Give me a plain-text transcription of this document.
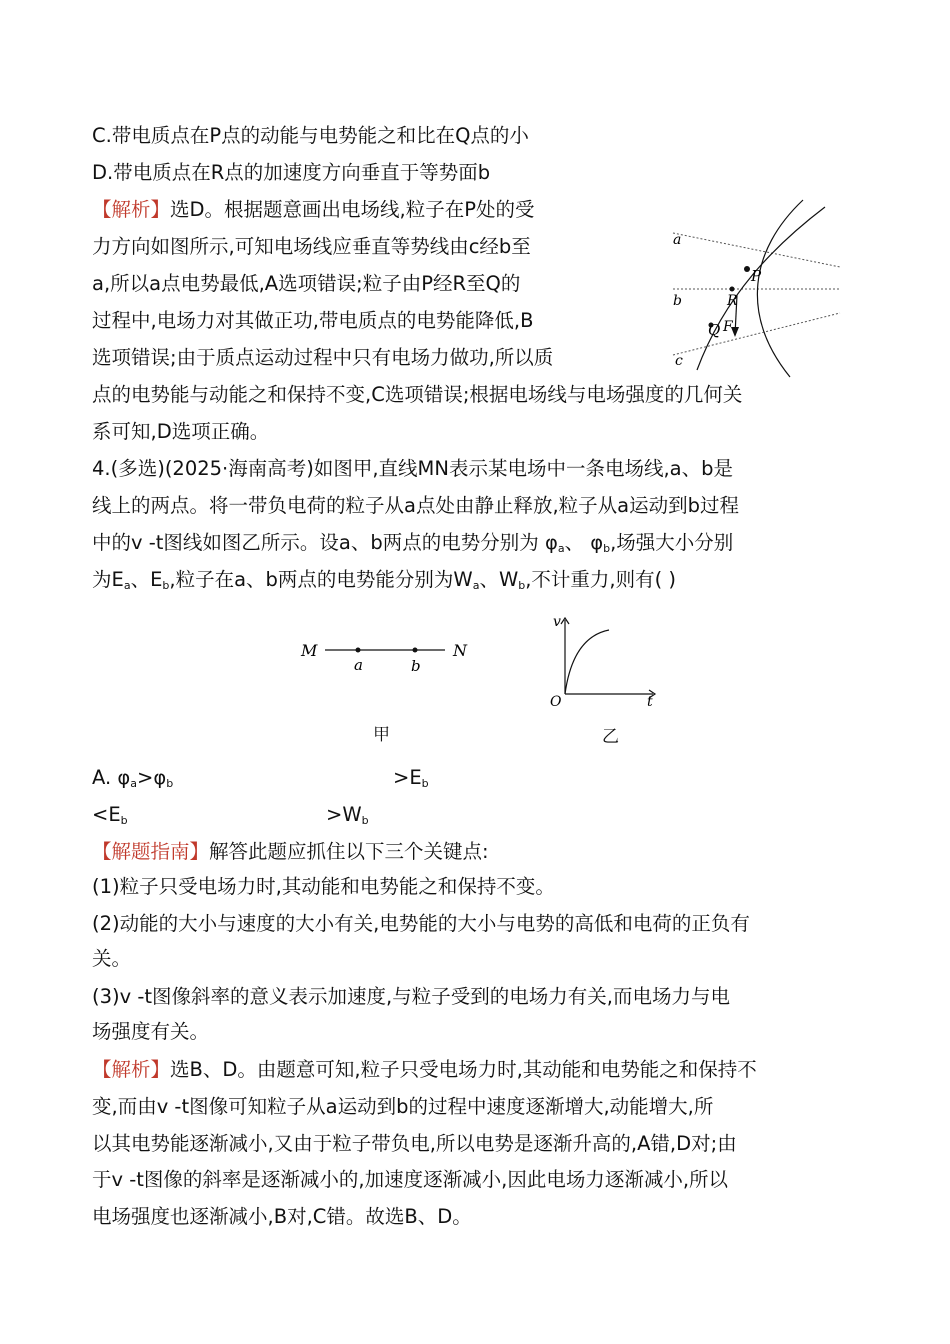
C.带电质点在P点的动能与电势能之和比在Q点的小
D.带电质点在R点的加速度方向垂直于等势面b
【解析】选D。根据题意画出电场线,粒子在P处的受
力方向如图所示,可知电场线应垂直等势线由c经b至
a,所以a点电势最低,A选项错误;粒子由P经R至Q的
过程中,电场力对其做正功,带电质点的电势能降低,B
选项错误;由于质点运动过程中只有电场力做功,所以质
点的电势能与动能之和保持不变,C选项错误;根据电场线与电场强度的几何关
系可知,D选项正确。
a
b
c
P
R
Q F
4.(多选)(2025·海南高考)如图甲,直线MN表示某电场中一条电场线,a、b是
线上的两点。将一带负电荷的粒子从a点处由静止释放,粒子从a运动到b过程
中的v -t图线如图乙所示。设a、b两点的电势分别为 $\varphi_a$、 $\varphi_b$,场强大小分别
为$E_a$、$E_b$,粒子在a、b两点的电势能分别为$W_a$、$W_b$,不计重力,则有( )
M
a	b
N
甲
v
O	t
乙
A. $\varphi_a>\varphi_b$	$>E_b$
$<E_b$	$>W_b$
【解题指南】解答此题应抓住以下三个关键点:
(1)粒子只受电场力时,其动能和电势能之和保持不变。
(2)动能的大小与速度的大小有关,电势能的大小与电势的高低和电荷的正负有
关。
(3)v -t图像斜率的意义表示加速度,与粒子受到的电场力有关,而电场力与电
场强度有关。
【解析】选B、D。由题意可知,粒子只受电场力时,其动能和电势能之和保持不
变,而由v -t图像可知粒子从a运动到b的过程中速度逐渐增大,动能增大,所
以其电势能逐渐减小,又由于粒子带负电,所以电势是逐渐升高的,A错,D对;由
于v -t图像的斜率是逐渐减小的,加速度逐渐减小,因此电场力逐渐减小,所以
电场强度也逐渐减小,B对,C错。故选B、D。
